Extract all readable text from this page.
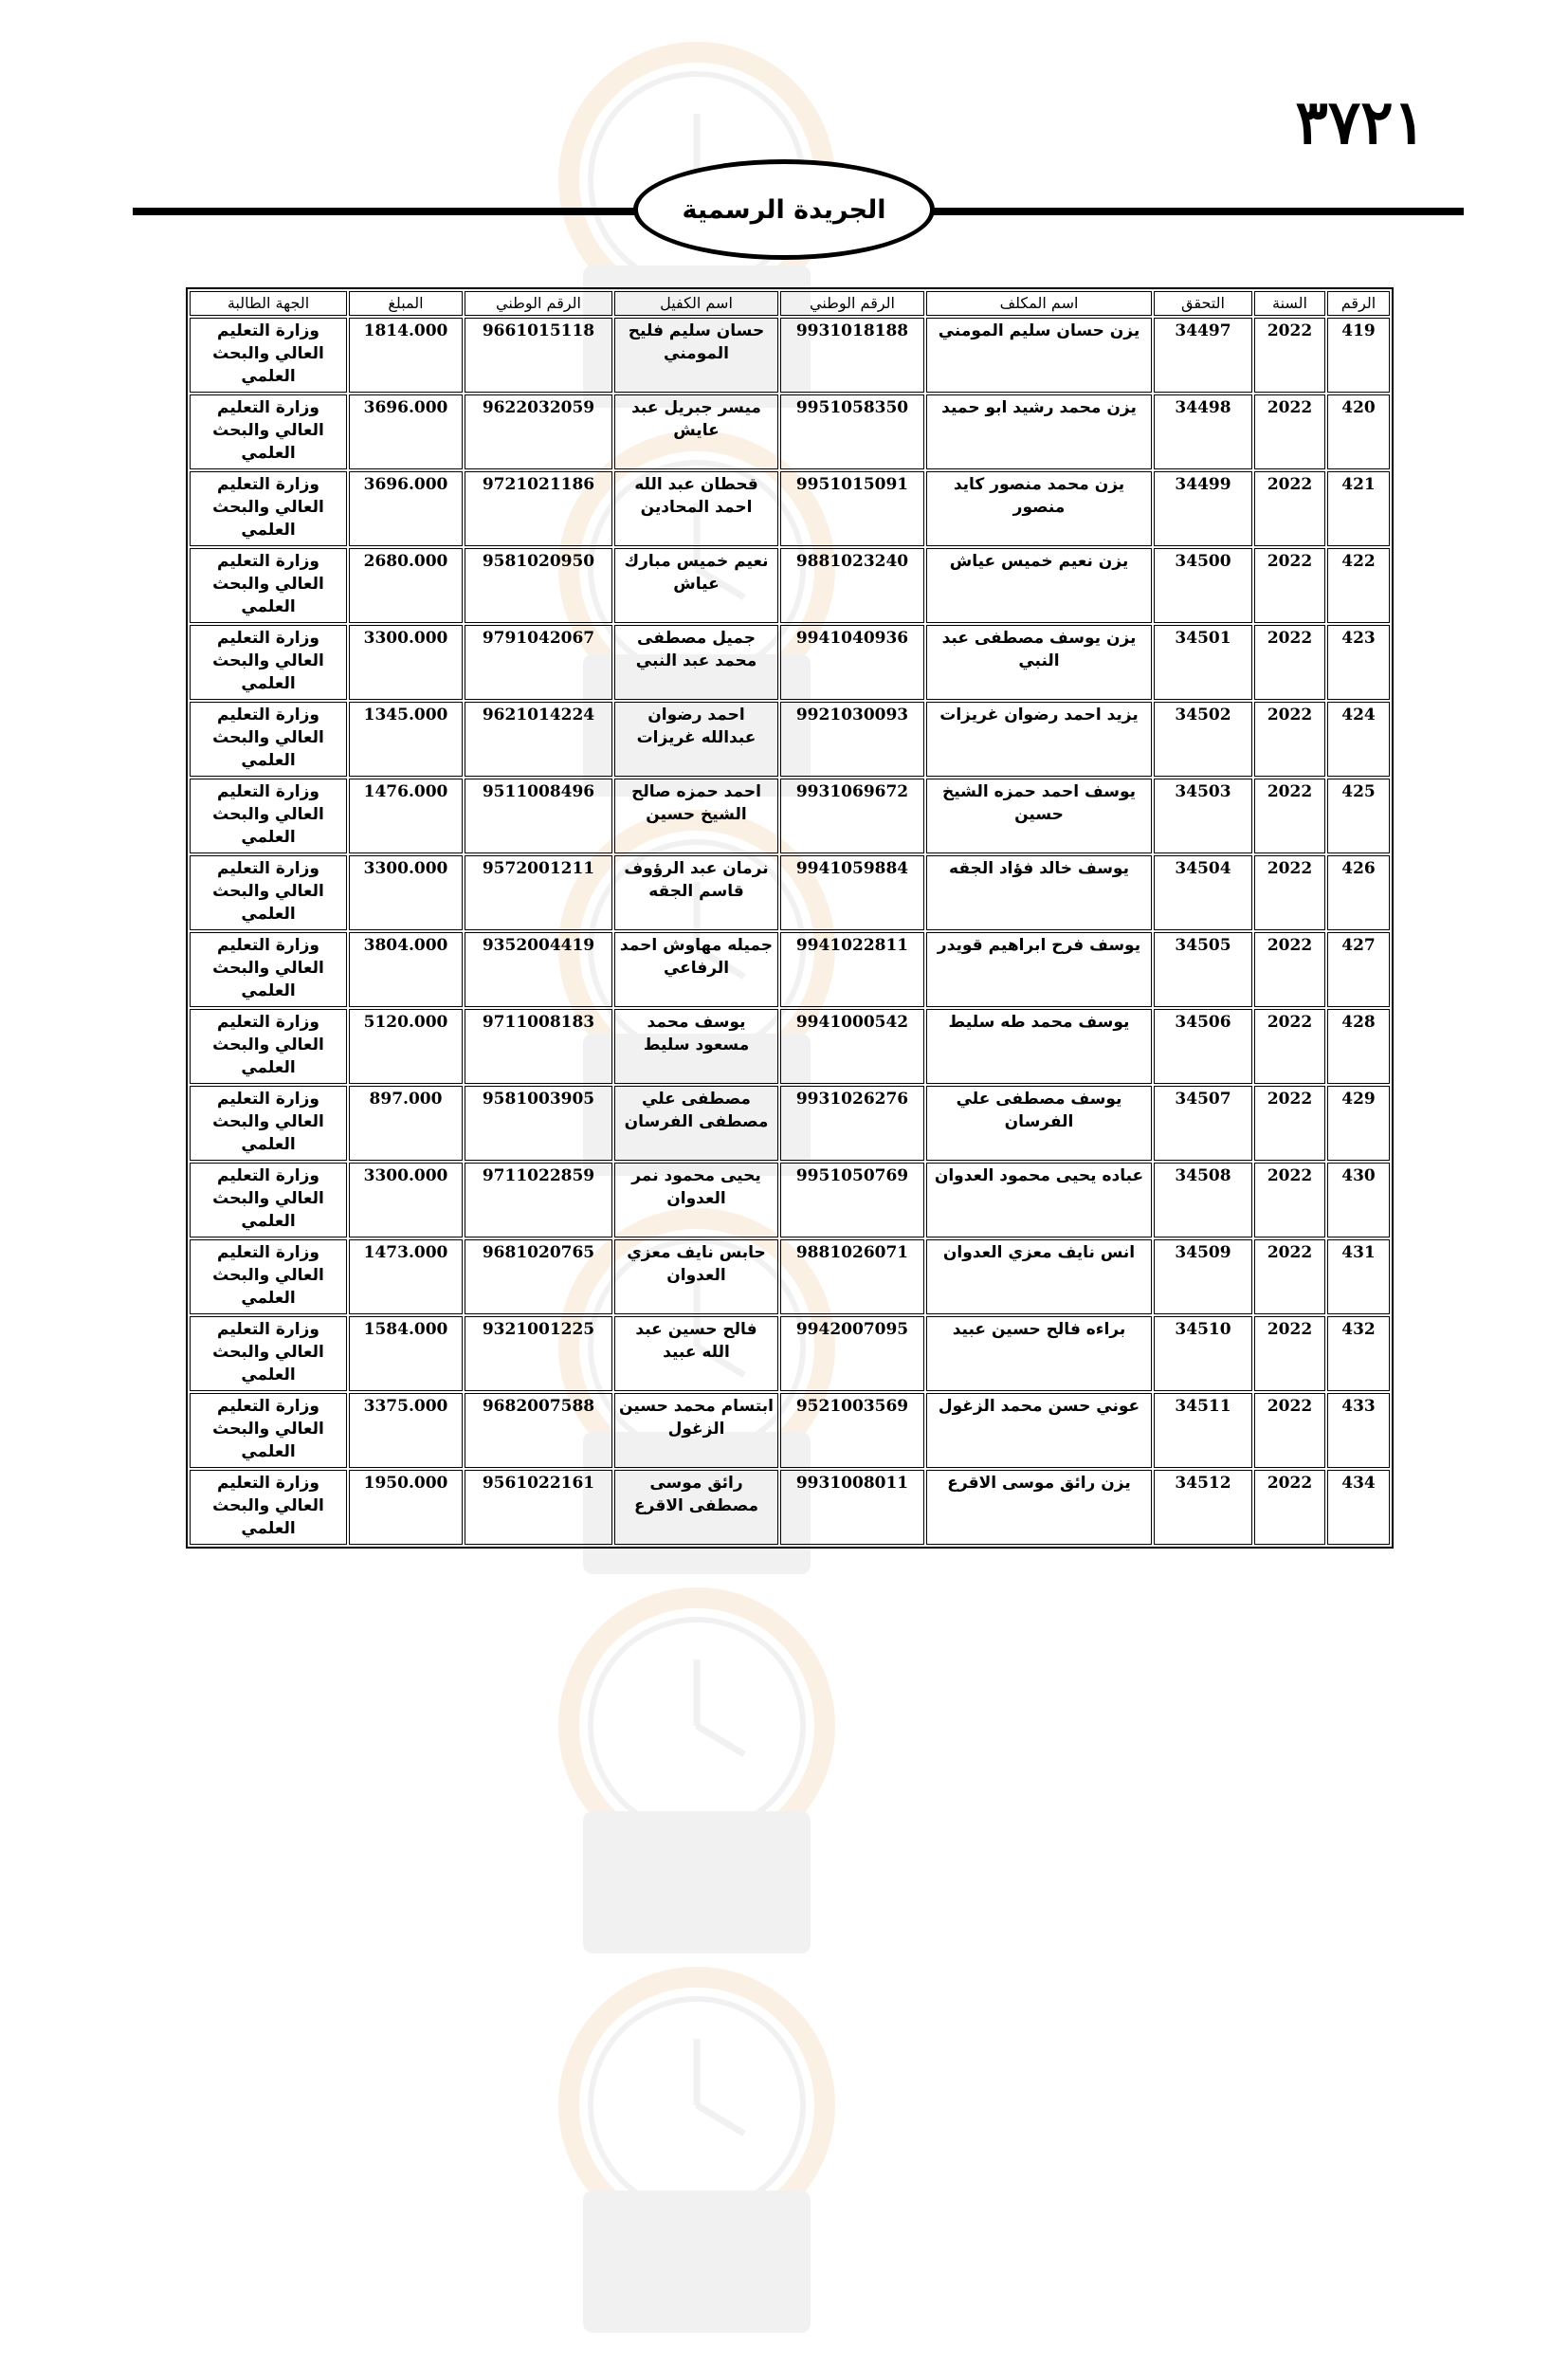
٣٧٢١
الجريدة الرسمية
الرقم	السنة	التحقق	اسم المكلف	الرقم الوطني	اسم الكفيل	الرقم الوطني	المبلغ	الجهة الطالبة
419	2022	34497	يزن حسان سليم المومني	9931018188	حسان سليم فليح المومني	9661015118	1814.000	وزارة التعليم العالي والبحث العلمي
420	2022	34498	يزن محمد رشيد ابو حميد	9951058350	ميسر جبريل عبد عايش	9622032059	3696.000	وزارة التعليم العالي والبحث العلمي
421	2022	34499	يزن محمد منصور كايد منصور	9951015091	قحطان عبد الله احمد المحادين	9721021186	3696.000	وزارة التعليم العالي والبحث العلمي
422	2022	34500	يزن نعيم خميس عياش	9881023240	نعيم خميس مبارك عياش	9581020950	2680.000	وزارة التعليم العالي والبحث العلمي
423	2022	34501	يزن يوسف مصطفى عبد النبي	9941040936	جميل مصطفى محمد عبد النبي	9791042067	3300.000	وزارة التعليم العالي والبحث العلمي
424	2022	34502	يزيد احمد رضوان غريزات	9921030093	احمد رضوان عبدالله غريزات	9621014224	1345.000	وزارة التعليم العالي والبحث العلمي
425	2022	34503	يوسف احمد حمزه الشيخ حسين	9931069672	احمد حمزه صالح الشيخ حسين	9511008496	1476.000	وزارة التعليم العالي والبحث العلمي
426	2022	34504	يوسف خالد فؤاد الجقه	9941059884	نرمان عبد الرؤوف قاسم الجقه	9572001211	3300.000	وزارة التعليم العالي والبحث العلمي
427	2022	34505	يوسف فرح ابراهيم قويدر	9941022811	جميله مهاوش احمد الرفاعي	9352004419	3804.000	وزارة التعليم العالي والبحث العلمي
428	2022	34506	يوسف محمد طه سليط	9941000542	يوسف محمد مسعود سليط	9711008183	5120.000	وزارة التعليم العالي والبحث العلمي
429	2022	34507	يوسف مصطفى علي الفرسان	9931026276	مصطفى علي مصطفى الفرسان	9581003905	897.000	وزارة التعليم العالي والبحث العلمي
430	2022	34508	عباده يحيى محمود العدوان	9951050769	يحيى محمود نمر العدوان	9711022859	3300.000	وزارة التعليم العالي والبحث العلمي
431	2022	34509	انس نايف معزي العدوان	9881026071	حابس نايف معزي العدوان	9681020765	1473.000	وزارة التعليم العالي والبحث العلمي
432	2022	34510	براءه فالح حسين عبيد	9942007095	فالح حسين عبد الله عبيد	9321001225	1584.000	وزارة التعليم العالي والبحث العلمي
433	2022	34511	عوني حسن محمد الزغول	9521003569	ابتسام محمد حسين الزغول	9682007588	3375.000	وزارة التعليم العالي والبحث العلمي
434	2022	34512	يزن رائق موسى الاقرع	9931008011	رائق موسى مصطفى الاقرع	9561022161	1950.000	وزارة التعليم العالي والبحث العلمي
